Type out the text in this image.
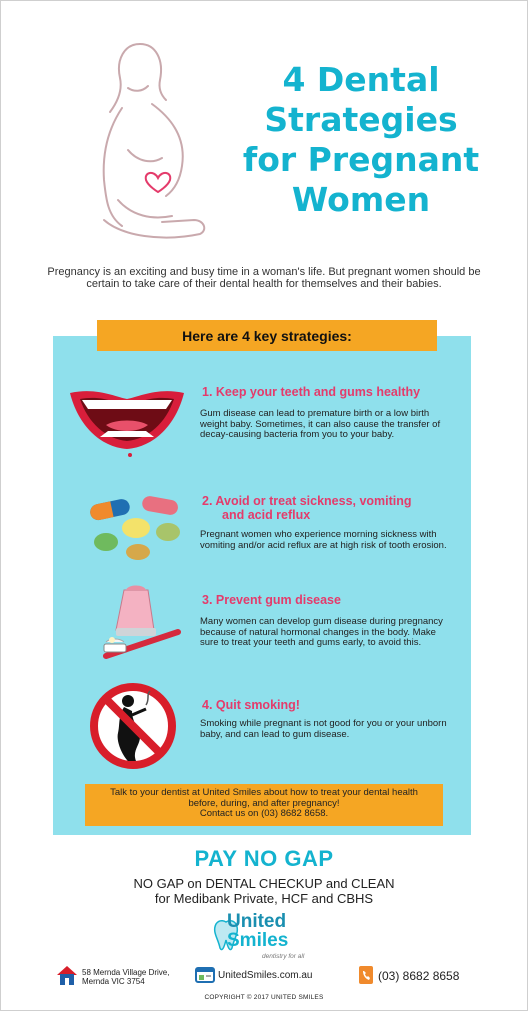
4 Dental
Strategies
for Pregnant
Women
Pregnancy is an exciting and busy time in a woman's life. But pregnant women should be certain to take care of their dental health for themselves and their babies.
Here are 4 key strategies:
1. Keep your teeth and gums healthy
Gum disease can lead to premature birth or a low birth weight baby. Sometimes, it can also cause the transfer of decay-causing bacteria from you to your baby.
2. Avoid or treat sickness, vomiting
and acid reflux
Pregnant women who experience morning sickness with vomiting and/or acid reflux are at high risk of tooth erosion.
3. Prevent gum disease
Many women can develop gum disease during pregnancy because of natural hormonal changes in the body. Make sure to treat your teeth and gums early, to avoid this.
4. Quit smoking!
Smoking while pregnant is not good for you or your unborn baby, and can lead to gum disease.
Talk to your dentist at United Smiles about how to treat your dental health
before, during, and after pregnancy!
Contact us on (03) 8682 8658.
PAY NO GAP
NO GAP on DENTAL CHECKUP and CLEAN
for Medibank Private, HCF and CBHS
United
Smiles
dentistry for all
58 Mernda Village Drive,
Mernda VIC 3754
UnitedSmiles.com.au	(03) 8682 8658
COPYRIGHT © 2017 UNITED SMILES
